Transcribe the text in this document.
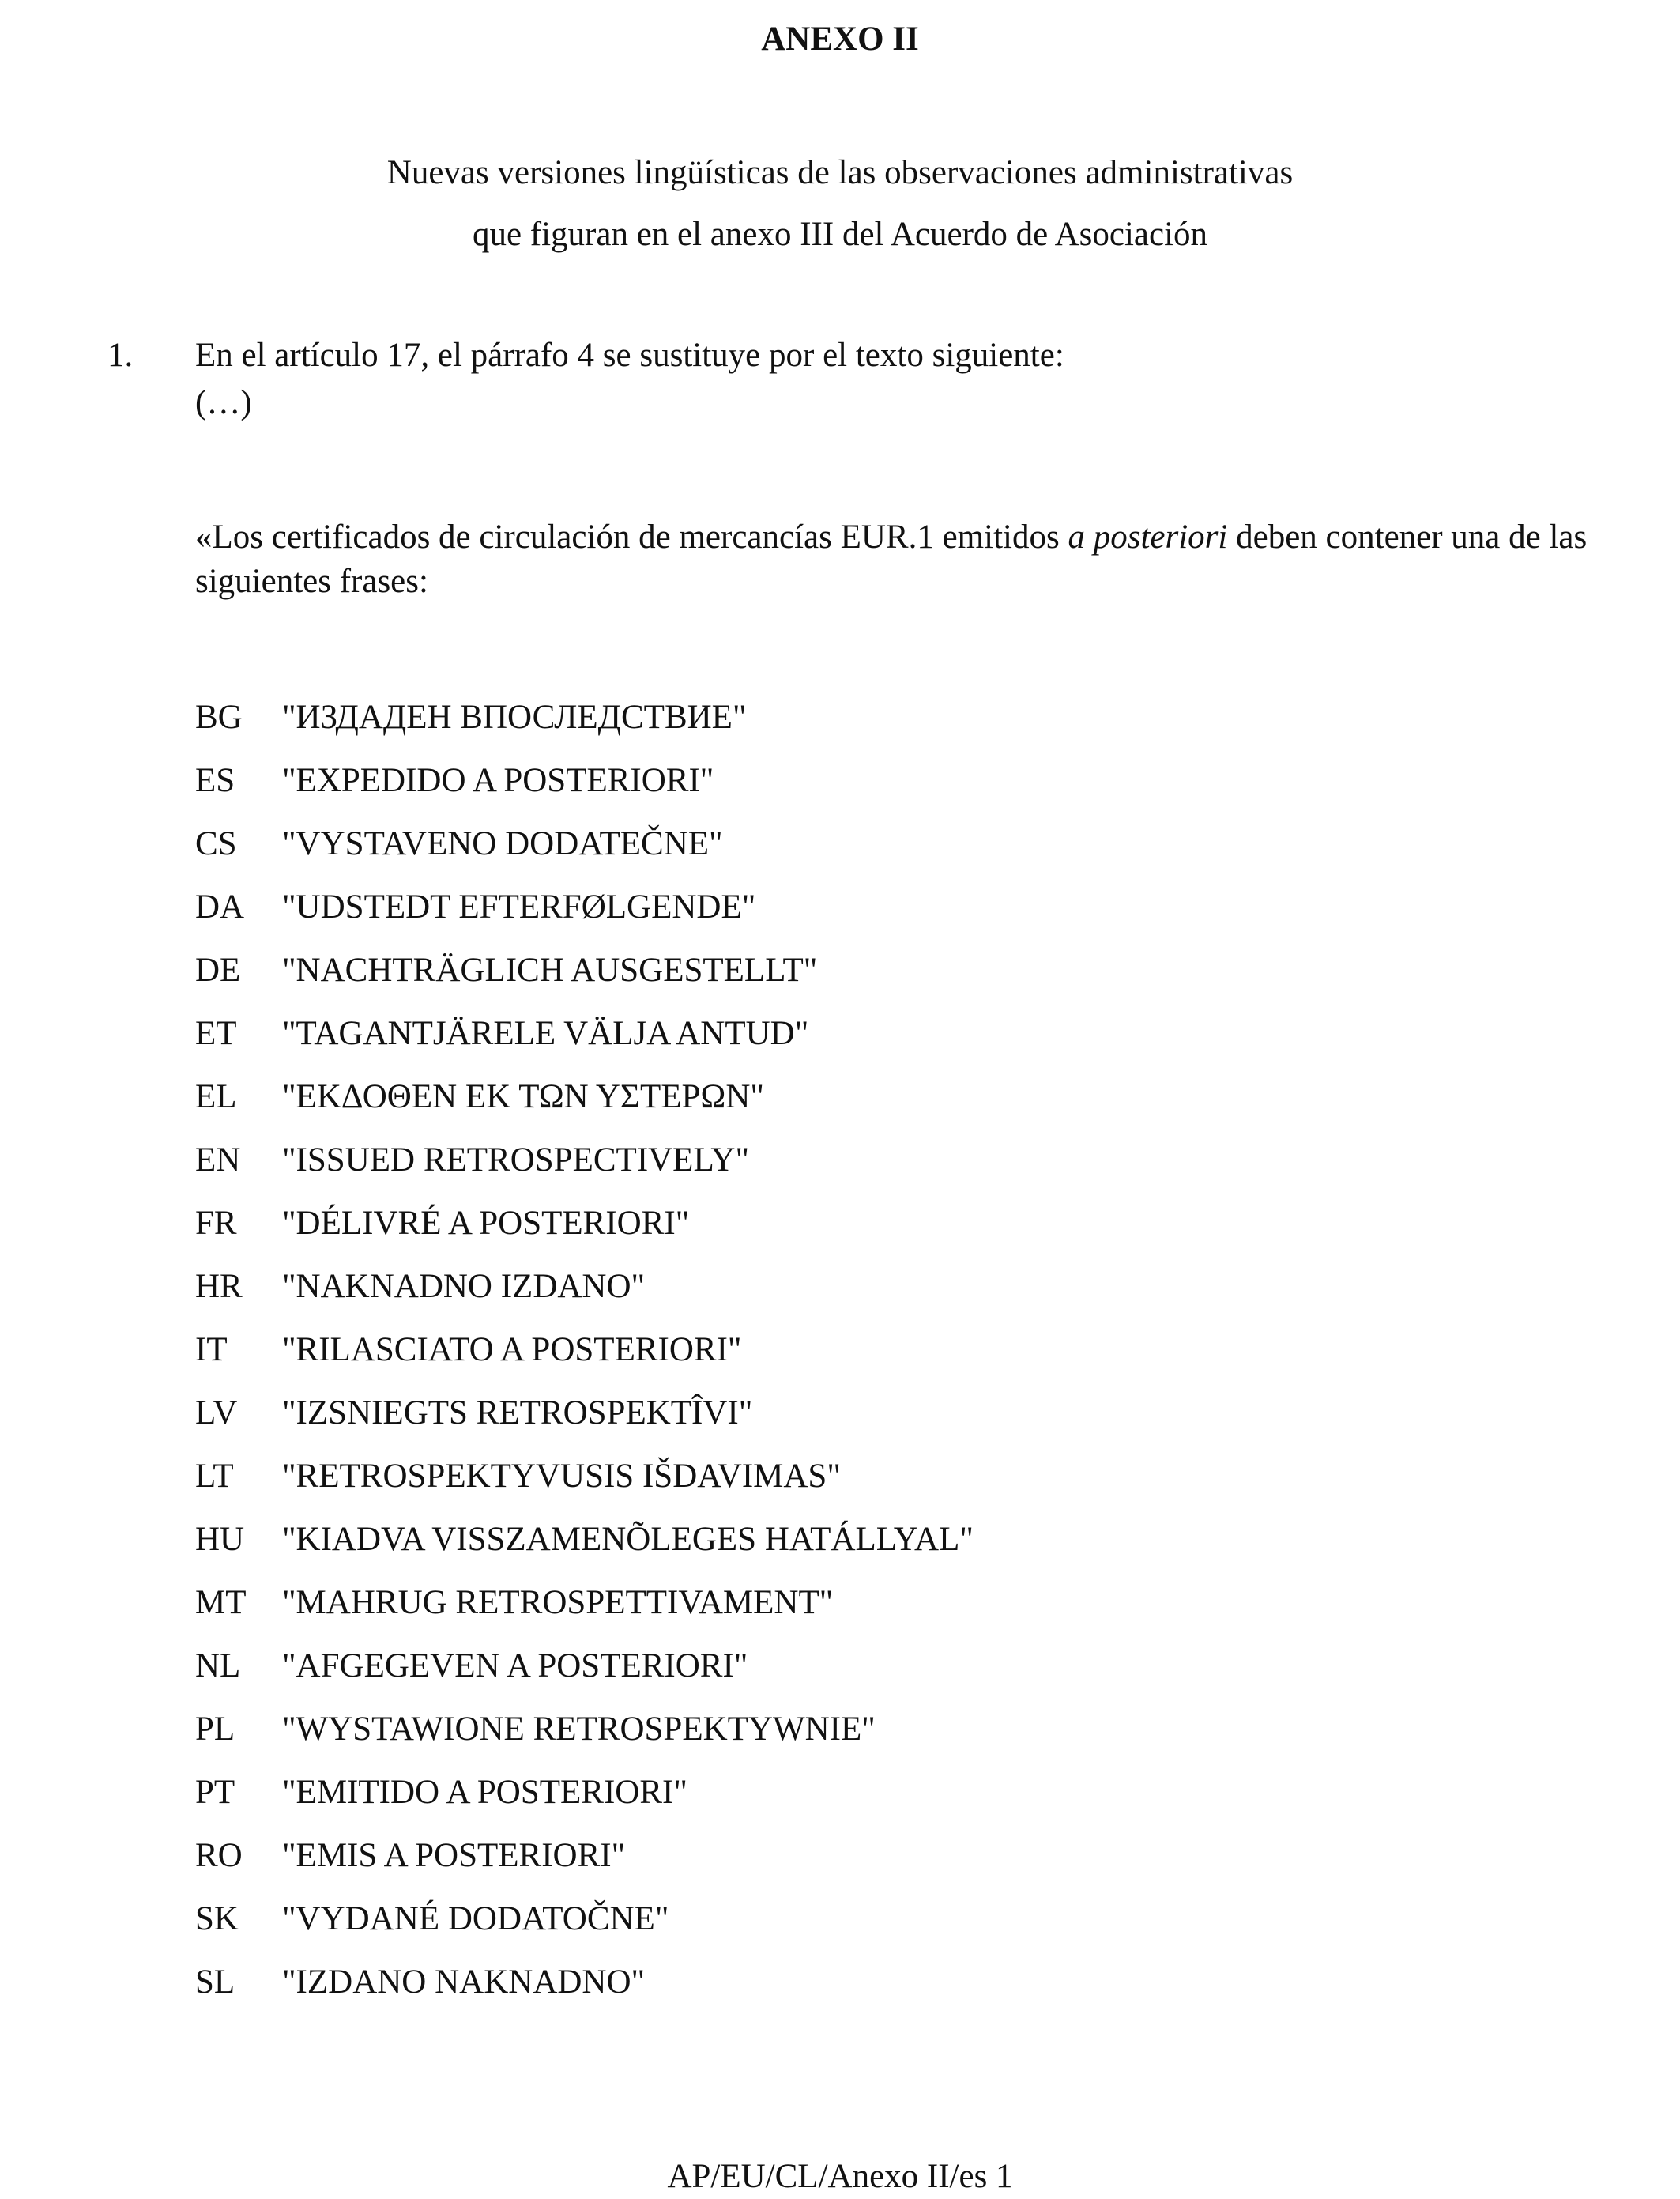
ANEXO II
Nuevas versiones lingüísticas de las observaciones administrativas
que figuran en el anexo III del Acuerdo de Asociación
1. En el artículo 17, el párrafo 4 se sustituye por el texto siguiente:

(…)

«Los certificados de circulación de mercancías EUR.1 emitidos a posteriori deben contener una de las siguientes frases:

BG "ИЗДАДЕН ВПОСЛЕДСТВИЕ"
ES "EXPEDIDO A POSTERIORI"
CS "VYSTAVENO DODATEČNE"
DA "UDSTEDT EFTERFØLGENDE"
DE "NACHTRÄGLICH AUSGESTELLT"
ET "TAGANTJÄRELE VÄLJA ANTUD"
EL "ΕΚΔΟΘΕΝ ΕΚ ΤΩΝ ΥΣΤΕΡΩΝ"
EN "ISSUED RETROSPECTIVELY"
FR "DÉLIVRÉ A POSTERIORI"
HR "NAKNADNO IZDANO"
IT "RILASCIATO A POSTERIORI"
LV "IZSNIEGTS RETROSPEKTÎVI"
LT "RETROSPEKTYVUSIS IŠDAVIMAS"
HU "KIADVA VISSZAMENÕLEGES HATÁLLYAL"
MT "MAHRUG RETROSPETTIVAMENT"
NL "AFGEGEVEN A POSTERIORI"
PL "WYSTAWIONE RETROSPEKTYWNIE"
PT "EMITIDO A POSTERIORI"
RO "EMIS A POSTERIORI"
SK "VYDANÉ DODATOČNE"
SL "IZDANO NAKNADNO"
AP/EU/CL/Anexo II/es 1
